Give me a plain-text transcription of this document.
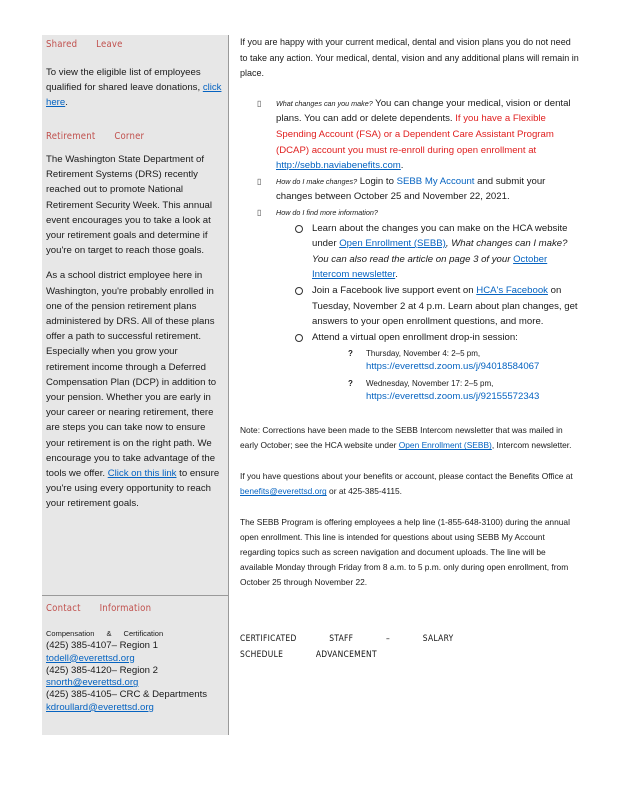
Shared Leave
To view the eligible list of employees qualified for shared leave donations, click here.
Retirement Corner

The Washington State Department of Retirement Systems (DRS) recently reached out to promote National Retirement Security Week. This annual event encourages you to take a look at your retirement goals and determine if you're on target to reach those goals.

As a school district employee here in Washington, you're probably enrolled in one of the pension retirement plans administered by DRS. All of these plans offer a path to successful retirement. Especially when you grow your retirement income through a Deferred Compensation Plan (DCP) in addition to your pension. Whether you are early in your career or nearing retirement, there are steps you can take now to ensure your retirement is on the right path. We encourage you to take advantage of the tools we offer. Click on this link to ensure you're using every opportunity to reach your retirement goals.

Contact Information
Compensation & Certification
(425) 385-4107– Region 1
todell@everettsd.org
(425) 385-4120– Region 2
snorth@everettsd.org
(425) 385-4105– CRC & Departments
kdroullard@everettsd.org

If you are happy with your current medical, dental and vision plans you do not need to take any action. Your medical, dental, vision and any additional plans will remain in place.

▯ What changes can you make? You can change your medical, vision or dental plans. You can add or delete dependents. If you have a Flexible Spending Account (FSA) or a Dependent Care Assistant Program (DCAP) account you must re-enroll during open enrollment at http://sebb.naviabenefits.com.
▯ How do I make changes? Login to SEBB My Account and submit your changes between October 25 and November 22, 2021.
▯ How do I find more information?
Learn about the changes you can make on the HCA website under Open Enrollment (SEBB), What changes can I make? You can also read the article on page 3 of your October Intercom newsletter.
Join a Facebook live support event on HCA's Facebook on Tuesday, November 2 at 4 p.m. Learn about plan changes, get answers to your open enrollment questions, and more.
Attend a virtual open enrollment drop-in session:
? Thursday, November 4: 2–5 pm, https://everettsd.zoom.us/j/94018584067
? Wednesday, November 17: 2–5 pm, https://everettsd.zoom.us/j/92155572343

Note: Corrections have been made to the SEBB Intercom newsletter that was mailed in early October; see the HCA website under Open Enrollment (SEBB), Intercom newsletter.

If you have questions about your benefits or account, please contact the Benefits Office at benefits@everettsd.org or at 425-385-4115.

The SEBB Program is offering employees a help line (1-855-648-3100) during the annual open enrollment. This line is intended for questions about using SEBB My Account regarding topics such as screen navigation and document uploads. The line will be available Monday through Friday from 8 a.m. to 5 p.m. only during open enrollment, from October 25 through November 22.

CERTIFICATED STAFF – SALARY SCHEDULE ADVANCEMENT
